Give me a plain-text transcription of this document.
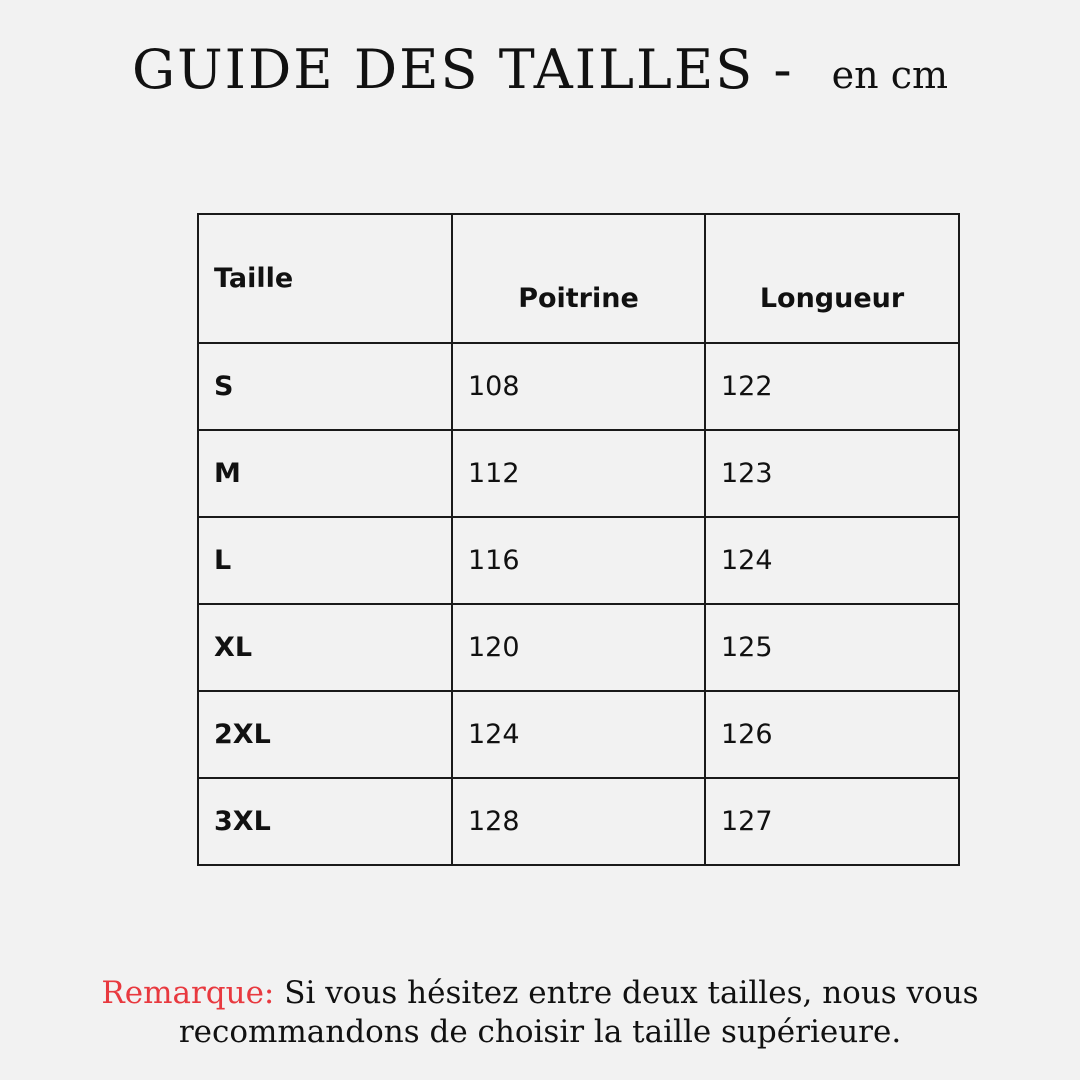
GUIDE DES TAILLES - en cm
Taille	Poitrine	Longueur
S	108	122
M	112	123
L	116	124
XL	120	125
2XL	124	126
3XL	128	127
Remarque: Si vous hésitez entre deux tailles, nous vous
recommandons de choisir la taille supérieure.
